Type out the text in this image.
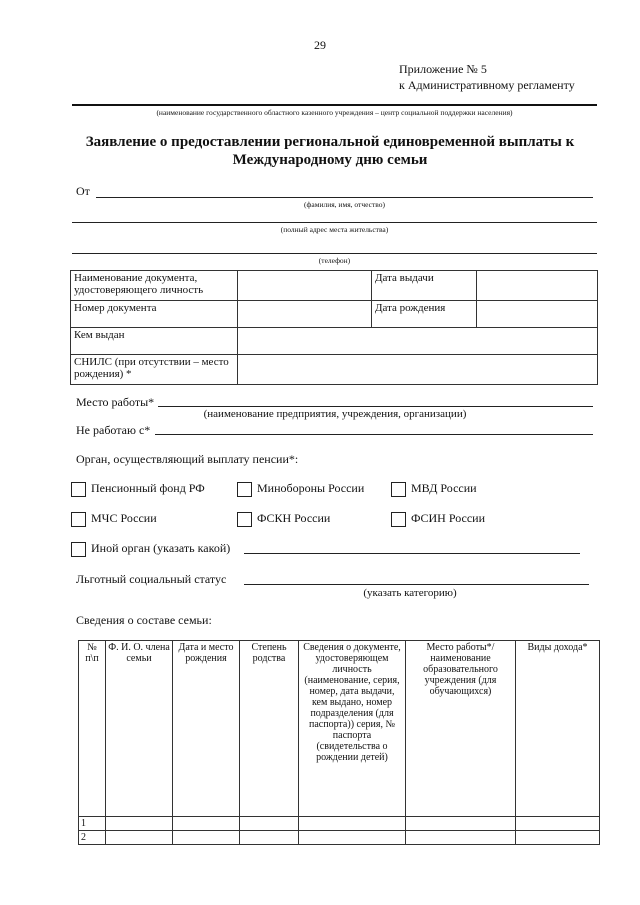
29
Приложение № 5
к Административному регламенту
(наименование государственного областного казенного учреждения – центр социальной поддержки населения)
Заявление о предоставлении региональной единовременной выплаты к
Международному дню семьи
От
(фамилия, имя, отчество)
(полный адрес места жительства)
(телефон)
Наименование документа, удостоверяющего личность		Дата выдачи	
Номер документа		Дата рождения	
Кем выдан			
СНИЛС (при отсутствии – место рождения) *			
Место работы*
(наименование предприятия, учреждения, организации)
Не работаю с*
Орган, осуществляющий выплату пенсии*:
Пенсионный фонд РФ	Минобороны России	МВД России
МЧС России	ФСКН России	ФСИН России
Иной орган (указать какой)
Льготный социальный статус
(указать категорию)
Сведения о составе семьи:
№ п\п	Ф. И. О. члена семьи	Дата и место рождения	Степень родства	Сведения о документе, удостоверяющем личность (наименование, серия, номер, дата выдачи, кем выдано, номер подразделения (для паспорта)) серия, № паспорта (свидетельства о рождении детей)	Место работы*/ наименование образовательного учреждения (для обучающихся)	Виды дохода*
1						
2						
